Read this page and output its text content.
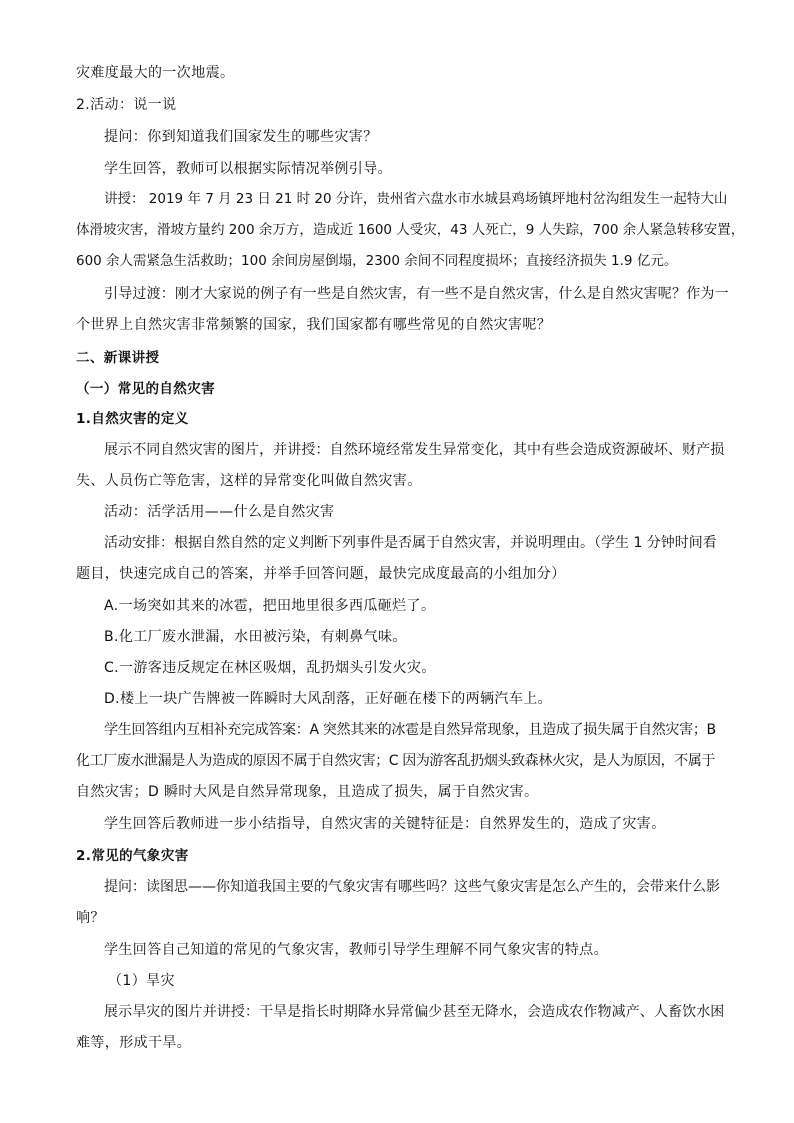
灾难度最大的一次地震。
2.活动：说一说
提问：你到知道我们国家发生的哪些灾害？
学生回答，教师可以根据实际情况举例引导。
讲授： 2019 年 7 月 23 日 21 时 20 分许，贵州省六盘水市水城县鸡场镇坪地村岔沟组发生一起特大山
体滑坡灾害，滑坡方量约 200 余万方，造成近 1600 人受灾，43 人死亡，9 人失踪，700 余人紧急转移安置，
600 余人需紧急生活救助；100 余间房屋倒塌，2300 余间不同程度损坏；直接经济损失 1.9 亿元。
引导过渡：刚才大家说的例子有一些是自然灾害，有一些不是自然灾害，什么是自然灾害呢？作为一
个世界上自然灾害非常频繁的国家，我们国家都有哪些常见的自然灾害呢？
二、新课讲授
（一）常见的自然灾害
1.自然灾害的定义
展示不同自然灾害的图片，并讲授：自然环境经常发生异常变化，其中有些会造成资源破坏、财产损
失、人员伤亡等危害，这样的异常变化叫做自然灾害。
活动：活学活用——什么是自然灾害
活动安排：根据自然自然的定义判断下列事件是否属于自然灾害，并说明理由。（学生 1 分钟时间看
题目，快速完成自己的答案，并举手回答问题，最快完成度最高的小组加分）
A.一场突如其来的冰雹，把田地里很多西瓜砸烂了。
B.化工厂废水泄漏，水田被污染，有刺鼻气味。
C.一游客违反规定在林区吸烟，乱扔烟头引发火灾。
D.楼上一块广告牌被一阵瞬时大风刮落，正好砸在楼下的两辆汽车上。
学生回答组内互相补充完成答案：A 突然其来的冰雹是自然异常现象，且造成了损失属于自然灾害；B
化工厂废水泄漏是人为造成的原因不属于自然灾害；C 因为游客乱扔烟头致森林火灾，是人为原因，不属于
自然灾害；D 瞬时大风是自然异常现象，且造成了损失，属于自然灾害。
学生回答后教师进一步小结指导，自然灾害的关键特征是：自然界发生的，造成了灾害。
2.常见的气象灾害
提问：读图思——你知道我国主要的气象灾害有哪些吗？这些气象灾害是怎么产生的，会带来什么影
响？
学生回答自己知道的常见的气象灾害，教师引导学生理解不同气象灾害的特点。
（1）旱灾
展示旱灾的图片并讲授：干旱是指长时期降水异常偏少甚至无降水，会造成农作物减产、人畜饮水困
难等，形成干旱。
